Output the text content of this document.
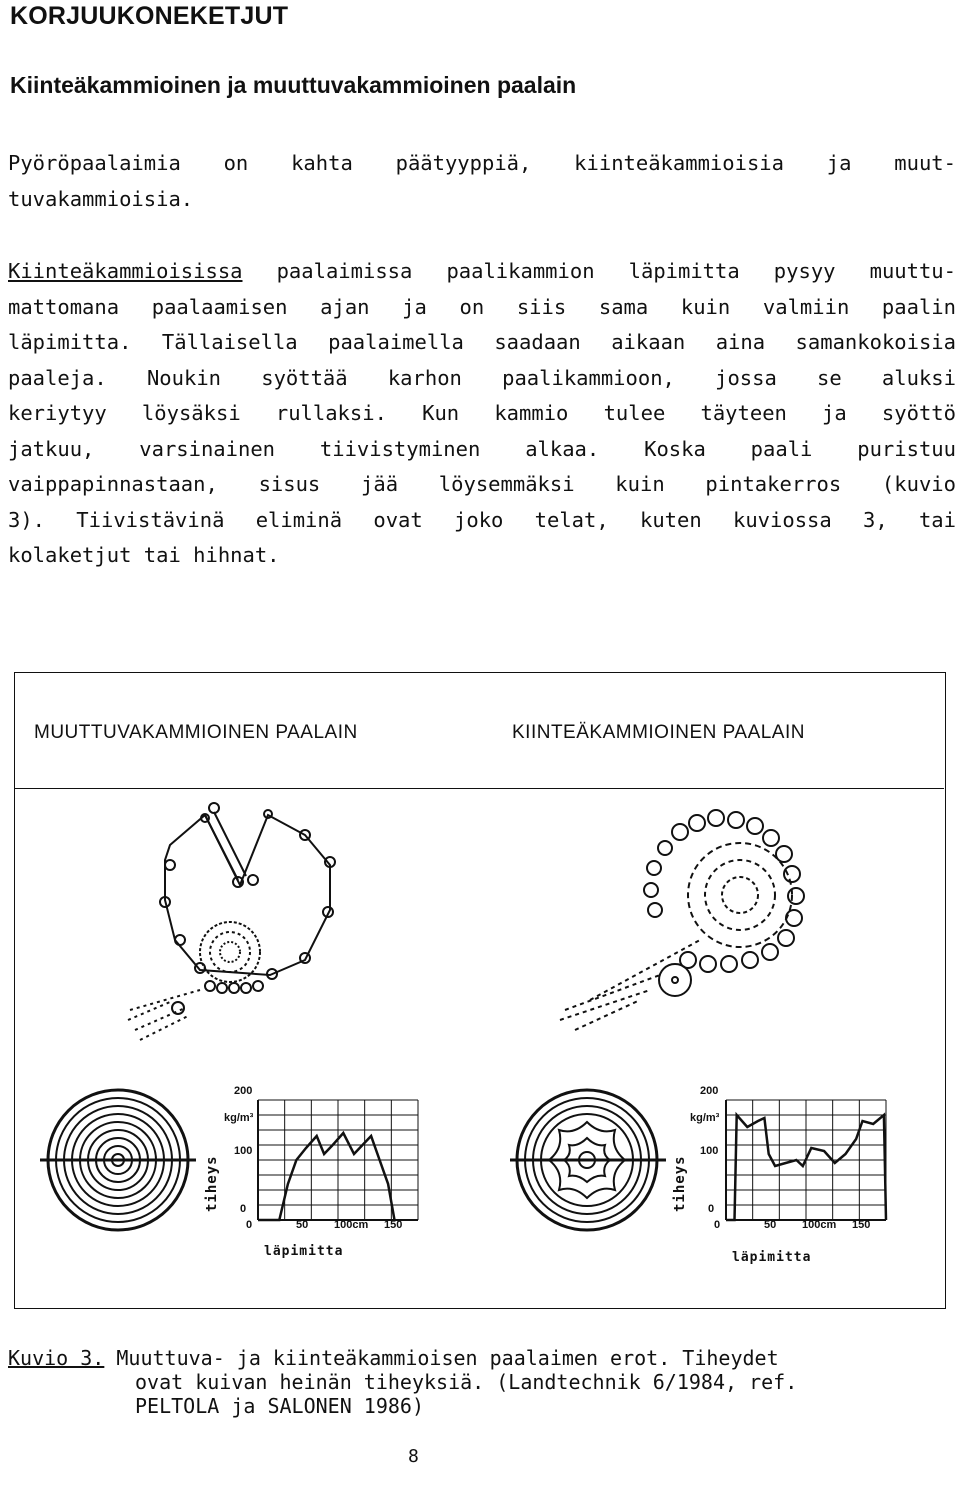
KORJUUKONEKETJUT
Kiinteäkammioinen ja muuttuvakammioinen paalain
Pyöröpaalaimia on kahta päätyyppiä, kiinteäkammioisia ja muut-
tuvakammioisia.
Kiinteäkammioisissa paalaimissa paalikammion läpimitta pysyy muuttu-
mattomana paalaamisen ajan ja on siis sama kuin valmiin paalin
läpimitta. Tällaisella paalaimella saadaan aikaan aina samankokoisia
paaleja. Noukin syöttää karhon paalikammioon, jossa se aluksi
keriytyy löysäksi rullaksi. Kun kammio tulee täyteen ja syöttö
jatkuu, varsinainen tiivistyminen alkaa. Koska paali puristuu
vaippapinnastaan, sisus jää löysemmäksi kuin pintakerros (kuvio
3). Tiivistävinä eliminä ovat joko telat, kuten kuviossa 3, tai
kolaketjut tai hihnat.
MUUTTUVAKAMMIOINEN PAALAIN	KIINTEÄKAMMIOINEN PAALAIN
200
kg/m³
100
0
tiheys
0	50 100cm 150
läpimitta
200
kg/m³
100
0
tiheys
0	50 100cm 150
läpimitta
Kuvio 3. Muuttuva- ja kiinteäkammioisen paalaimen erot. Tiheydet
ovat kuivan heinän tiheyksiä. (Landtechnik 6/1984, ref.
PELTOLA ja SALONEN 1986)
8
